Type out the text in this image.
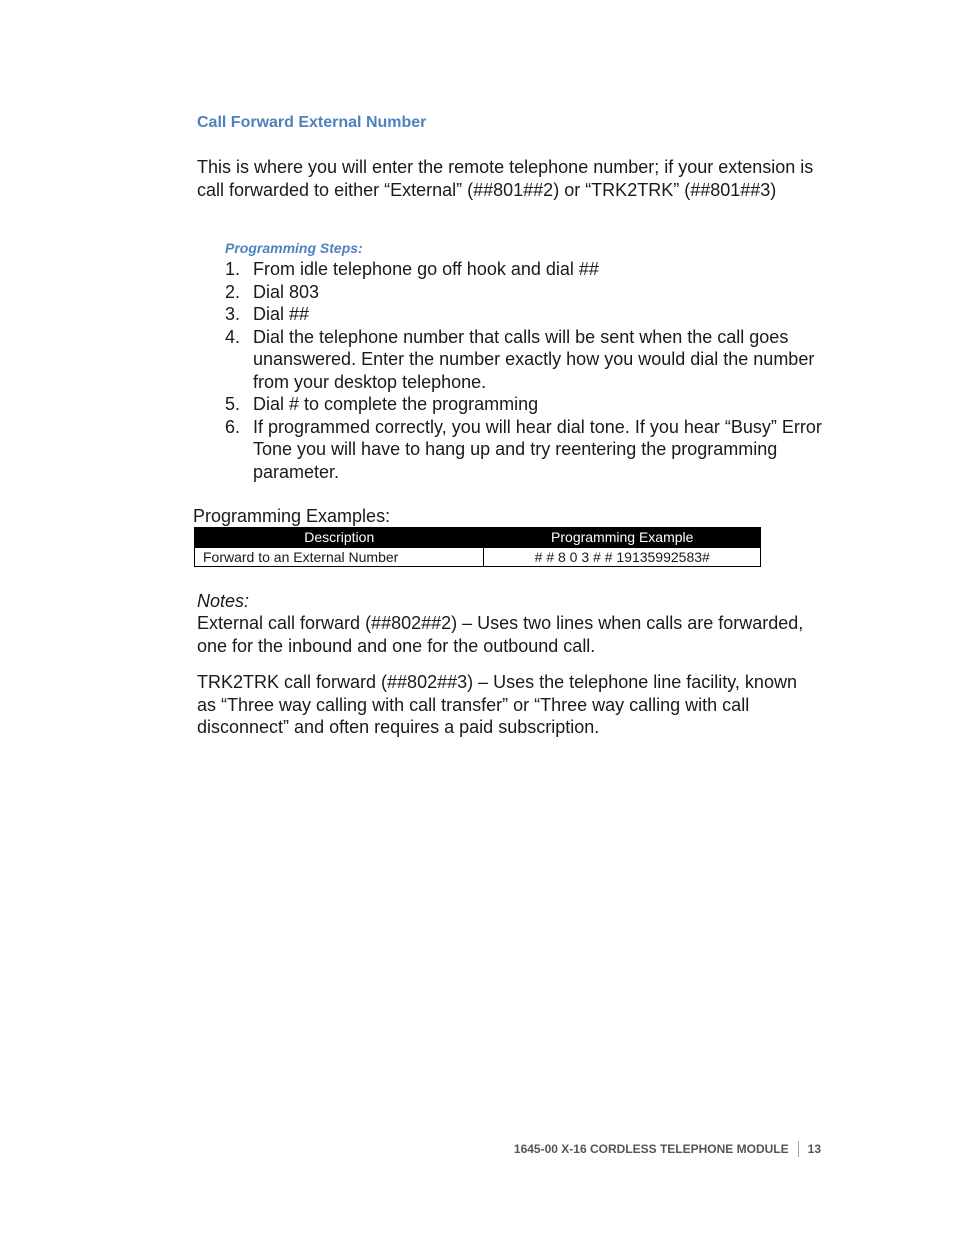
Call Forward External Number

This is where you will enter the remote telephone number; if your extension is call forwarded to either “External” (##801##2) or “TRK2TRK” (##801##3)

Programming Steps:

1. From idle telephone go off hook and dial ##
2. Dial 803
3. Dial ##
4. Dial the telephone number that calls will be sent when the call goes unanswered. Enter the number exactly how you would dial the number from your desktop telephone.
5. Dial # to complete the programming
6. If programmed correctly, you will hear dial tone. If you hear “Busy” Error Tone you will have to hang up and try reentering the programming parameter.

Programming Examples:

Description	Programming Example
Forward to an External Number	# # 8 0 3 # # 19135992583#

Notes:

External call forward (##802##2) – Uses two lines when calls are forwarded, one for the inbound and one for the outbound call.

TRK2TRK call forward (##802##3) – Uses the telephone line facility, known as “Three way calling with call transfer” or “Three way calling with call disconnect” and often requires a paid subscription.

1645-00 X-16 CORDLESS TELEPHONE MODULE 13
